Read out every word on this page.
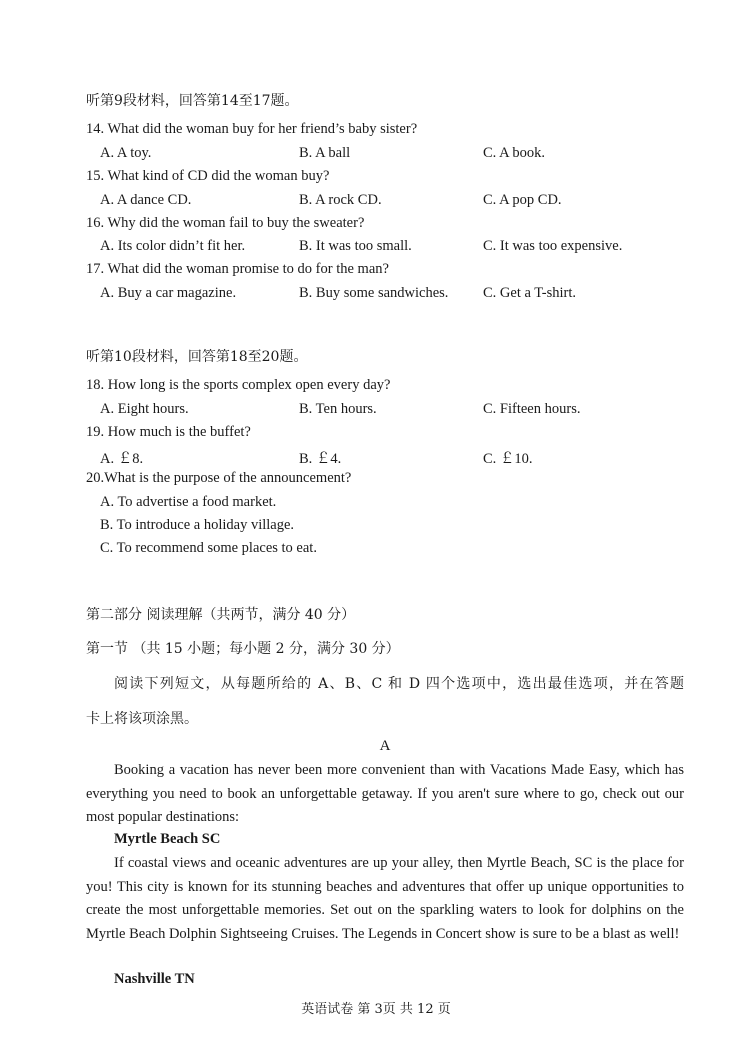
听第9段材料，回答第14至17题。
14. What did the woman buy for her friend’s baby sister?
A. A toy.	B. A ball	C. A book.
15. What kind of CD did the woman buy?
A. A dance CD.	B. A rock CD.	C. A pop CD.
16. Why did the woman fail to buy the sweater?
A. Its color didn’t fit her.	B. It was too small.	C. It was too expensive.
17. What did the woman promise to do for the man?
A. Buy a car magazine.	B. Buy some sandwiches. C. Get a T-shirt.
听第10段材料，回答第18至20题。
18. How long is the sports complex open every day?
A. Eight hours.	B. Ten hours.	C. Fifteen hours.
19. How much is the buffet?
A. ￡8.	B. ￡4.	C. ￡10.
20.What is the purpose of the announcement?
A. To advertise a food market.
B. To introduce a holiday village.
C. To recommend some places to eat.
第二部分 阅读理解（共两节，满分 40 分）
第一节 （共 15 小题；每小题 2 分，满分 30 分）
阅读下列短文，从每题所给的 A、B、C 和 D 四个选项中，选出最佳选项，并在答题
卡上将该项涂黑。
A
Booking a vacation has never been more convenient than with Vacations Made Easy, which has everything you need to book an unforgettable getaway. If you aren't sure where to go, check out our most popular destinations:
Myrtle Beach SC
If coastal views and oceanic adventures are up your alley, then Myrtle Beach, SC is the place for you! This city is known for its stunning beaches and adventures that offer up unique opportunities to create the most unforgettable memories. Set out on the sparkling waters to look for dolphins on the Myrtle Beach Dolphin Sightseeing Cruises. The Legends in Concert show is sure to be a blast as well!
Nashville TN
英语试卷 第 3页 共 12 页
